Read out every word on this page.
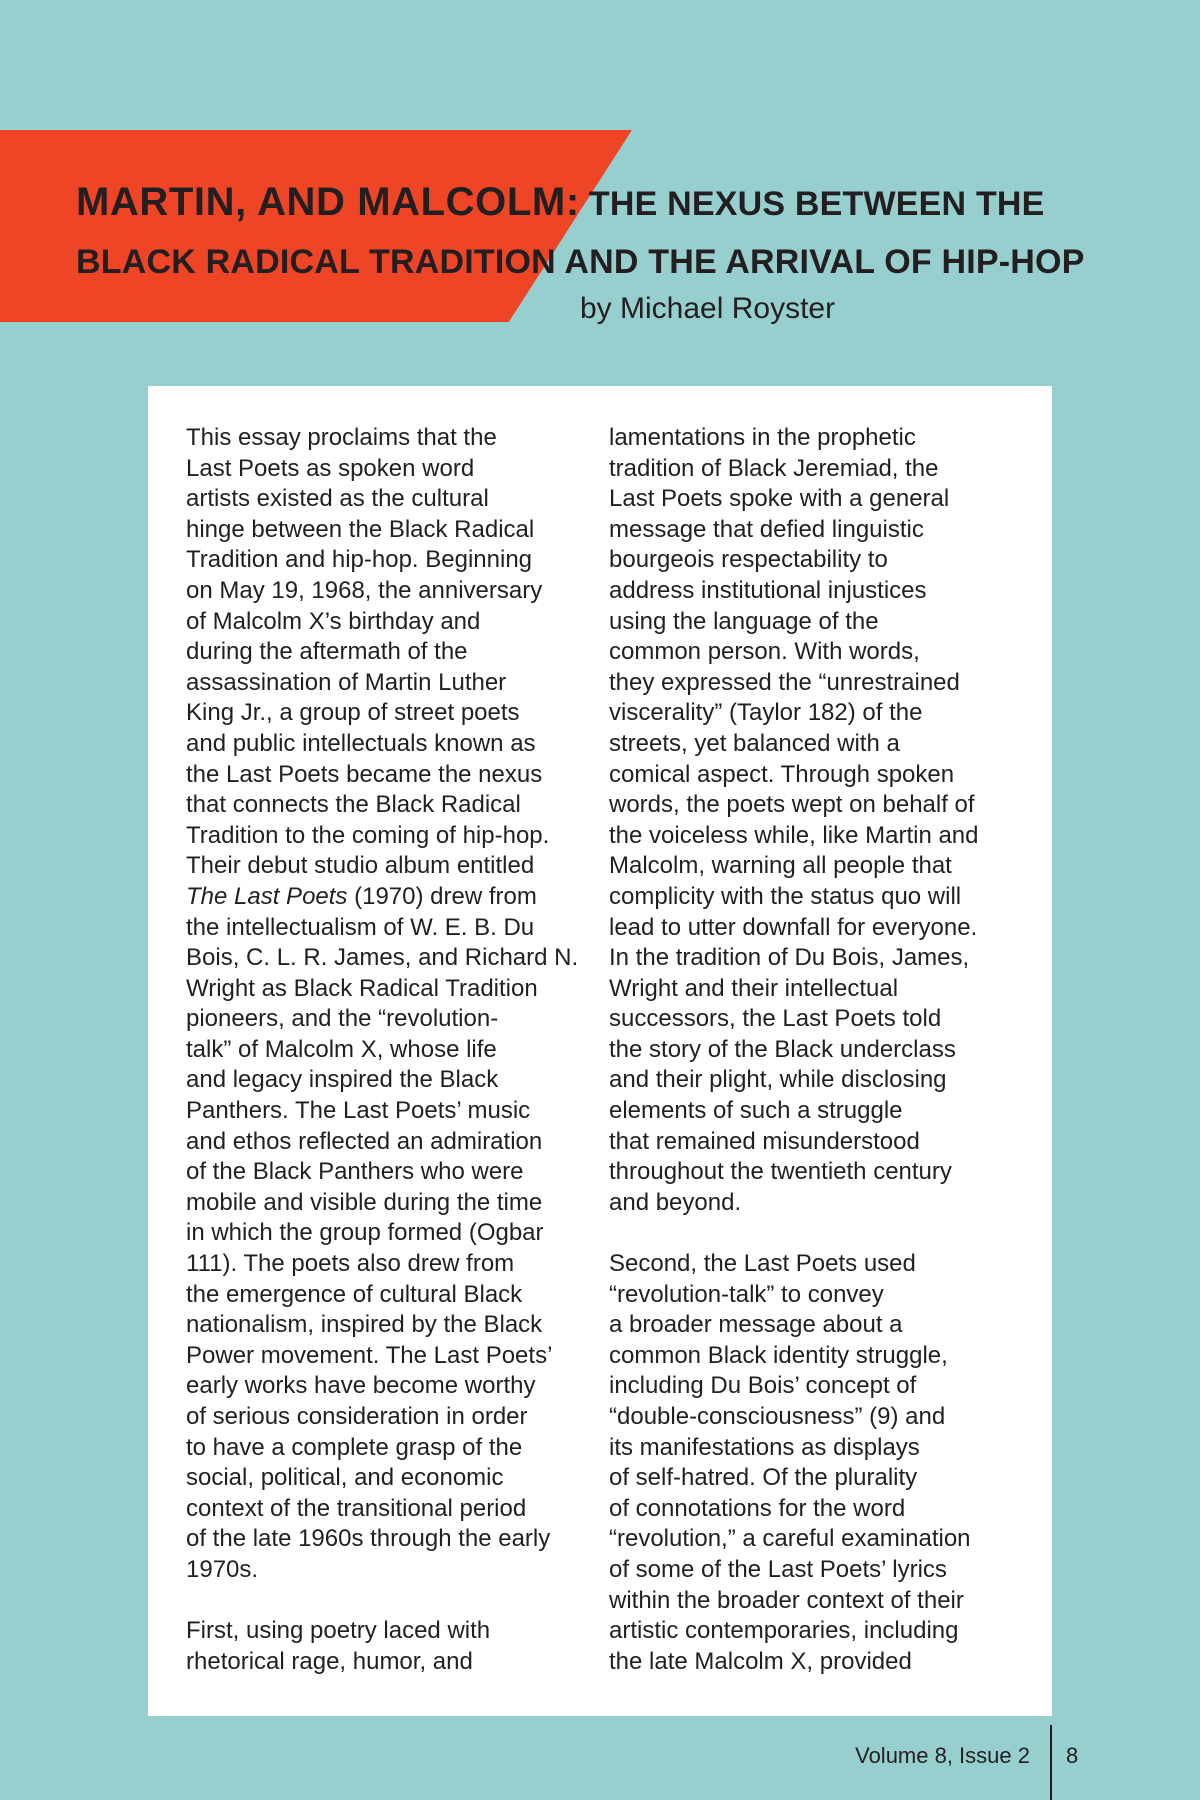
MARTIN, AND MALCOLM: THE NEXUS BETWEEN THE
BLACK RADICAL TRADITION AND THE ARRIVAL OF HIP-HOP

by Michael Royster

This essay proclaims that the
Last Poets as spoken word
artists existed as the cultural
hinge between the Black Radical
Tradition and hip-hop. Beginning
on May 19, 1968, the anniversary
of Malcolm X’s birthday and
during the aftermath of the
assassination of Martin Luther
King Jr., a group of street poets
and public intellectuals known as
the Last Poets became the nexus
that connects the Black Radical
Tradition to the coming of hip-hop.
Their debut studio album entitled
The Last Poets (1970) drew from
the intellectualism of W. E. B. Du
Bois, C. L. R. James, and Richard N.
Wright as Black Radical Tradition
pioneers, and the “revolution-
talk” of Malcolm X, whose life
and legacy inspired the Black
Panthers. The Last Poets’ music
and ethos reflected an admiration
of the Black Panthers who were
mobile and visible during the time
in which the group formed (Ogbar
111). The poets also drew from
the emergence of cultural Black
nationalism, inspired by the Black
Power movement. The Last Poets’
early works have become worthy
of serious consideration in order
to have a complete grasp of the
social, political, and economic
context of the transitional period
of the late 1960s through the early
1970s.

First, using poetry laced with
rhetorical rage, humor, and

lamentations in the prophetic
tradition of Black Jeremiad, the
Last Poets spoke with a general
message that defied linguistic
bourgeois respectability to
address institutional injustices
using the language of the
common person. With words,
they expressed the “unrestrained
viscerality” (Taylor 182) of the
streets, yet balanced with a
comical aspect. Through spoken
words, the poets wept on behalf of
the voiceless while, like Martin and
Malcolm, warning all people that
complicity with the status quo will
lead to utter downfall for everyone.
In the tradition of Du Bois, James,
Wright and their intellectual
successors, the Last Poets told
the story of the Black underclass
and their plight, while disclosing
elements of such a struggle
that remained misunderstood
throughout the twentieth century
and beyond.

Second, the Last Poets used
“revolution-talk” to convey
a broader message about a
common Black identity struggle,
including Du Bois’ concept of
“double-consciousness” (9) and
its manifestations as displays
of self-hatred. Of the plurality
of connotations for the word
“revolution,” a careful examination
of some of the Last Poets’ lyrics
within the broader context of their
artistic contemporaries, including
the late Malcolm X, provided

Volume 8, Issue 2 8
